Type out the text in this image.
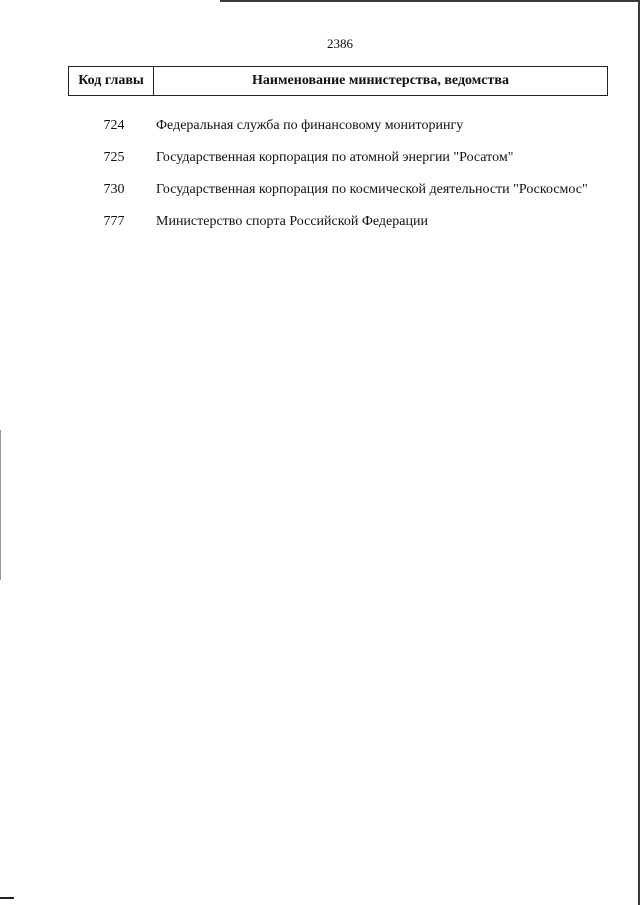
2386
Код главы	Наименование министерства, ведомства
724	Федеральная служба по финансовому мониторингу
725	Государственная корпорация по атомной энергии "Росатом"
730	Государственная корпорация по космической деятельности "Роскосмос"
777	Министерство спорта Российской Федерации
